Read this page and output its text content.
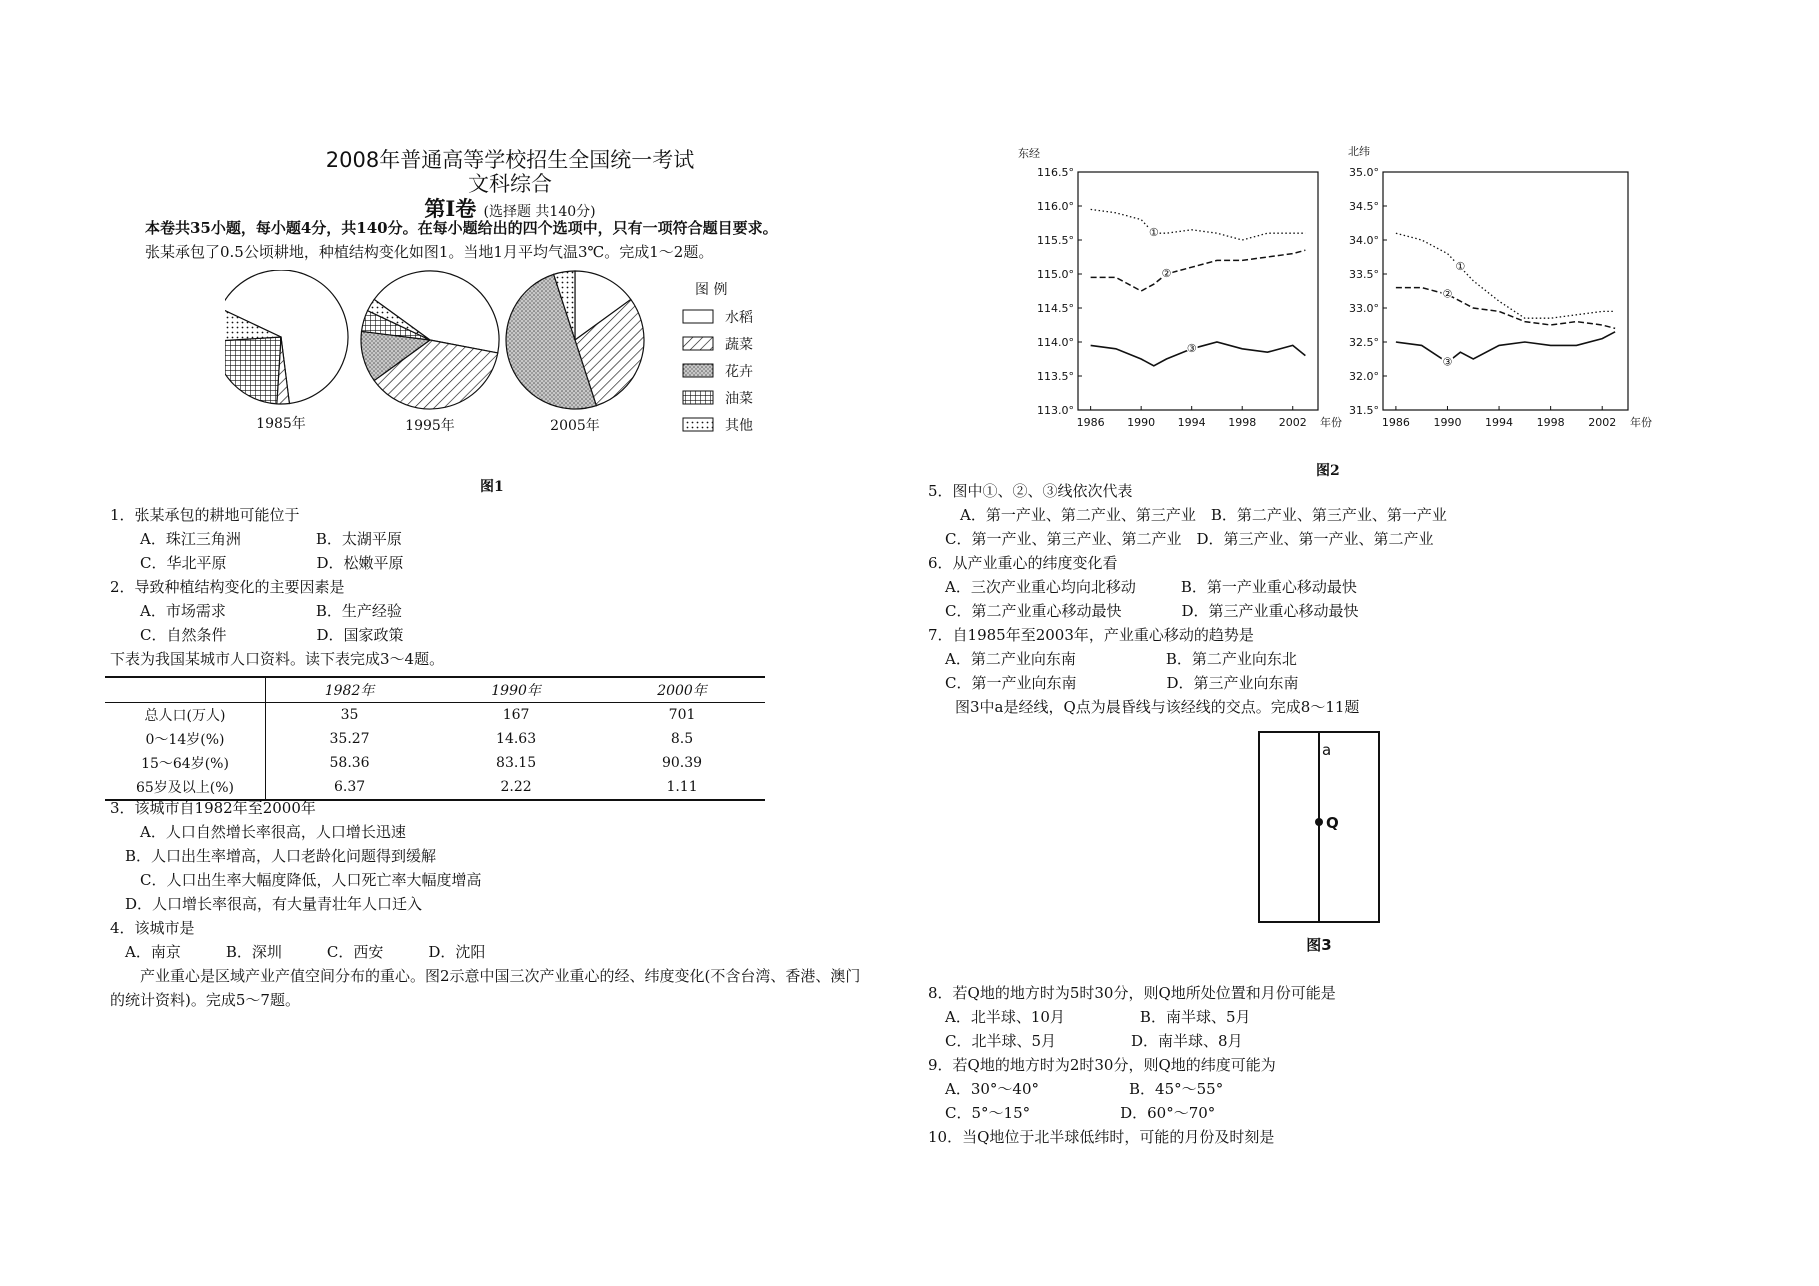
2008年普通高等学校招生全国统一考试
文科综合
第Ⅰ卷 (选择题 共140分)
本卷共35小题，每小题4分，共140分。在每小题给出的四个选项中，只有一项符合题目要求。
张某承包了0.5公顷耕地，种植结构变化如图1。当地1月平均气温3℃。完成1～2题。
1985年	1995年	2005年
图 例
水稻
蔬菜
花卉
油菜
其他
图1
1．张某承包的耕地可能位于
A．珠江三角洲　　　　　B．太湖平原
C．华北平原　　　　　　D．松嫩平原
2．导致种植结构变化的主要因素是
A．市场需求　　　　　　B．生产经验
C．自然条件　　　　　　D．国家政策
下表为我国某城市人口资料。读下表完成3～4题。
	1982年	1990年	2000年
总人口(万人)	35	167	701
0～14岁(%)	35.27	14.63	8.5
15～64岁(%)	58.36	83.15	90.39
65岁及以上(%)	6.37	2.22	1.11
3．该城市自1982年至2000年
A．人口自然增长率很高，人口增长迅速
B．人口出生率增高，人口老龄化问题得到缓解
C．人口出生率大幅度降低，人口死亡率大幅度增高
D．人口增长率很高，有大量青壮年人口迁入
4．该城市是
A．南京　　　B．深圳　　　C．西安　　　D．沈阳
产业重心是区域产业产值空间分布的重心。图2示意中国三次产业重心的经、纬度变化(不含台湾、香港、澳门
的统计资料)。完成5～7题。
东经
116.5°
116.0°
115.5°
115.0°
114.5°
114.0°
113.5°
113.0°
1986 1990 1994 1998 2002 年份
①
②
③
北纬
35.0°
34.5°
34.0°
33.5°
33.0°
32.5°
32.0°
31.5°
1986 1990 1994 1998 2002 年份
①
②
③
图2
5．图中①、②、③线依次代表
A．第一产业、第二产业、第三产业　B．第二产业、第三产业、第一产业
C．第一产业、第三产业、第二产业　D．第三产业、第一产业、第二产业
6．从产业重心的纬度变化看
A．三次产业重心均向北移动　　　B．第一产业重心移动最快
C．第二产业重心移动最快　　　　D．第三产业重心移动最快
7．自1985年至2003年，产业重心移动的趋势是
A．第二产业向东南　　　　　　B．第二产业向东北
C．第一产业向东南　　　　　　D．第三产业向东南
图3中a是经线，Q点为晨昏线与该经线的交点。完成8～11题
a
Q
图3
8．若Q地的地方时为5时30分，则Q地所处位置和月份可能是
A．北半球、10月　　　　　B．南半球、5月
C．北半球、5月　　　　　D．南半球、8月
9．若Q地的地方时为2时30分，则Q地的纬度可能为
A．30°～40°　　　　　　B．45°～55°
C．5°～15°　　　　　　D．60°～70°
10．当Q地位于北半球低纬时，可能的月份及时刻是
